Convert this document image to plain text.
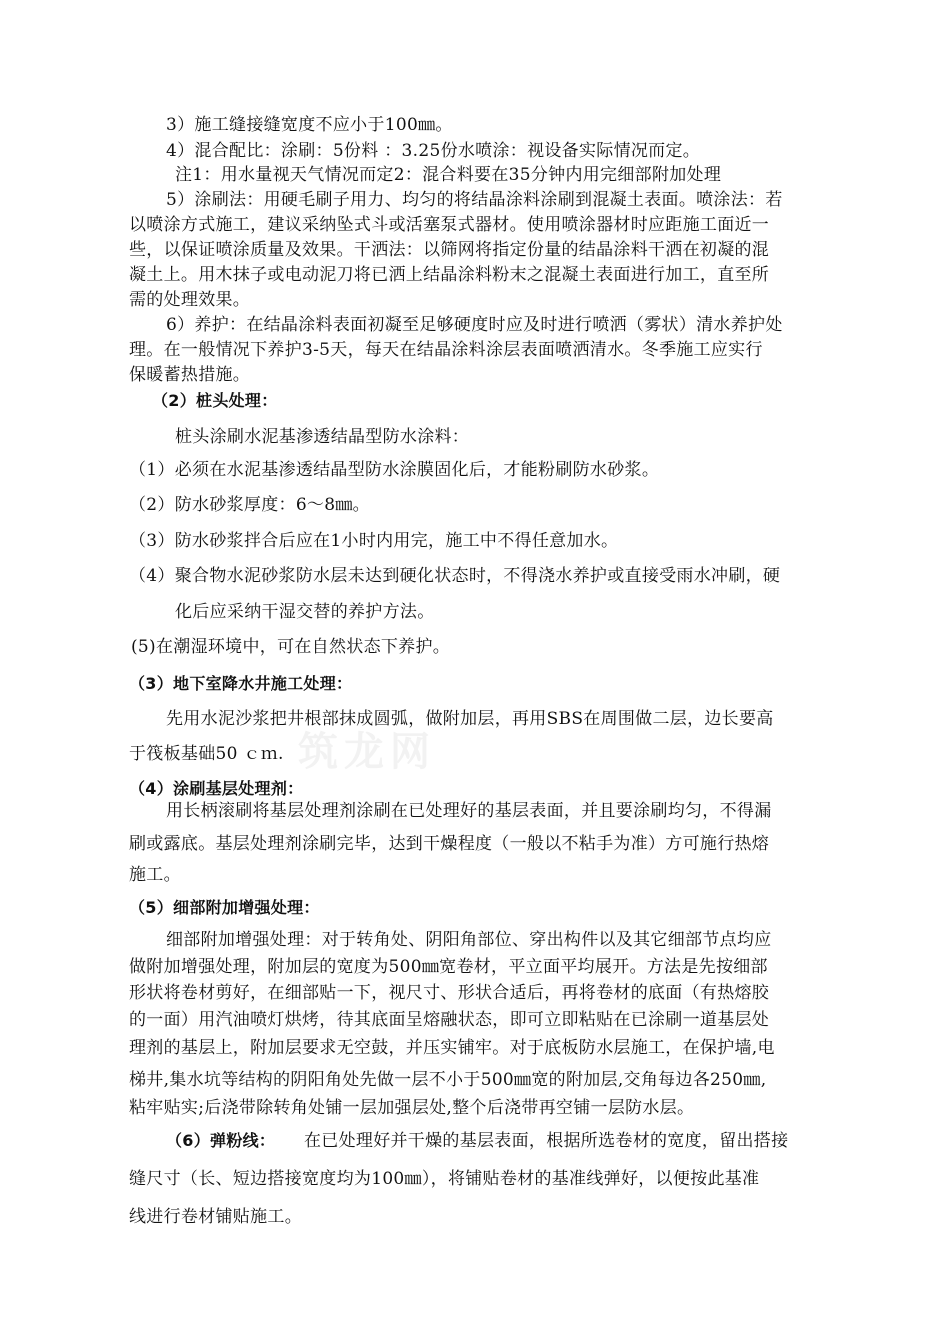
筑龙网

3）施工缝接缝宽度不应小于100㎜。

4）混合配比：涂刷：5份料 ：3.25份水喷涂：视设备实际情况而定。

注1：用水量视天气情况而定2：混合料要在35分钟内用完细部附加处理

5）涂刷法：用硬毛刷子用力、均匀的将结晶涂料涂刷到混凝土表面。喷涂法：若

以喷涂方式施工，建议采纳坠式斗或活塞泵式器材。使用喷涂器材时应距施工面近一

些，以保证喷涂质量及效果。干洒法：以筛网将指定份量的结晶涂料干洒在初凝的混

凝土上。用木抹子或电动泥刀将已洒上结晶涂料粉末之混凝土表面进行加工，直至所

需的处理效果。

6）养护：在结晶涂料表面初凝至足够硬度时应及时进行喷洒（雾状）清水养护处

理。在一般情况下养护3-5天，每天在结晶涂料涂层表面喷洒清水。冬季施工应实行

保暖蓄热措施。

（2）桩头处理：

桩头涂刷水泥基渗透结晶型防水涂料：

（1）必须在水泥基渗透结晶型防水涂膜固化后，才能粉刷防水砂浆。

（2）防水砂浆厚度：6～8㎜。

（3）防水砂浆拌合后应在1小时内用完，施工中不得任意加水。

（4）聚合物水泥砂浆防水层未达到硬化状态时，不得浇水养护或直接受雨水冲刷，硬

化后应采纳干湿交替的养护方法。

(5)在潮湿环境中，可在自然状态下养护。

（3）地下室降水井施工处理：

先用水泥沙浆把井根部抹成圆弧，做附加层，再用SBS在周围做二层，边长要高

于筏板基础50 ｃｍ.

（4）涂刷基层处理剂：

用长柄滚刷将基层处理剂涂刷在已处理好的基层表面，并且要涂刷均匀，不得漏

刷或露底。基层处理剂涂刷完毕，达到干燥程度（一般以不粘手为准）方可施行热熔

施工。

（5）细部附加增强处理：

细部附加增强处理：对于转角处、阴阳角部位、穿出构件以及其它细部节点均应

做附加增强处理，附加层的宽度为500㎜宽卷材，平立面平均展开。方法是先按细部

形状将卷材剪好，在细部贴一下，视尺寸、形状合适后，再将卷材的底面（有热熔胶

的一面）用汽油喷灯烘烤，待其底面呈熔融状态，即可立即粘贴在已涂刷一道基层处

理剂的基层上，附加层要求无空鼓，并压实铺牢。对于底板防水层施工，在保护墙,电

梯井,集水坑等结构的阴阳角处先做一层不小于500㎜宽的附加层,交角每边各250㎜,

粘牢贴实;后浇带除转角处铺一层加强层处,整个后浇带再空铺一层防水层。

（6）弹粉线： 在已处理好并干燥的基层表面，根据所选卷材的宽度，留出搭接

缝尺寸（长、短边搭接宽度均为100㎜），将铺贴卷材的基准线弹好，以便按此基准

线进行卷材铺贴施工。
